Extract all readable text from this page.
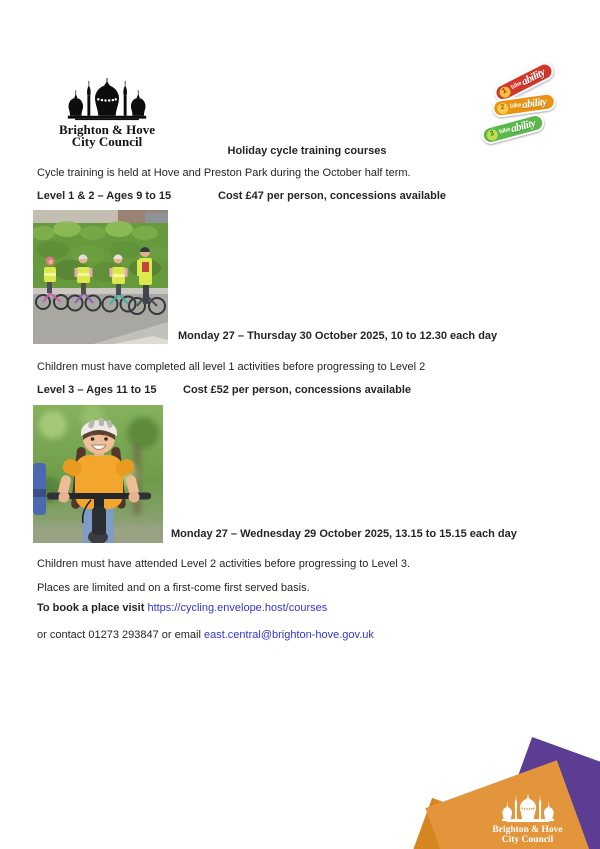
Brighton & Hove
City Council
1
bike
ability
2 bike ability
3 bike
ability
Holiday cycle training courses
Cycle training is held at Hove and Preston Park during the October half term.
Level 1 & 2 – Ages 9 to 15	Cost £47 per person, concessions available
Monday 27 – Thursday 30 October 2025, 10 to 12.30 each day
Children must have completed all level 1 activities before progressing to Level 2
Level 3 – Ages 11 to 15 Cost £52 per person, concessions available
Monday 27 – Wednesday 29 October 2025, 13.15 to 15.15 each day
Children must have attended Level 2 activities before progressing to Level 3.
Places are limited and on a first-come first served basis.
To book a place visit https://cycling.envelope.host/courses
or contact 01273 293847 or email east.central@brighton-hove.gov.uk
Brighton & Hove
City Council
